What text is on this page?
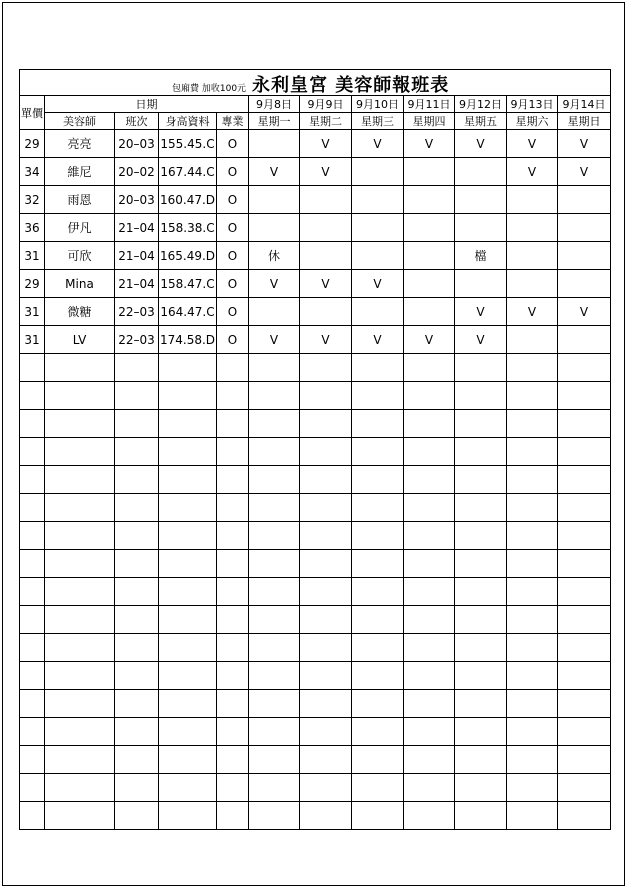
包廂費 加收100元 永利皇宮 美容師報班表											

單價	日期				9月8日	9月9日	9月10日	9月11日	9月12日	9月13日	9月14日
	美容師	班次	身高資料	專業	星期一	星期二	星期三	星期四	星期五	星期六	星期日
29	亮亮	20–03	155.45.C	O		V	V	V	V	V	V
34	維尼	20–02	167.44.C	O	V	V				V	V
32	雨恩	20–03	160.47.D	O							
36	伊凡	21–04	158.38.C	O							
31	可欣	21–04	165.49.D	O	休				檔		
29	Mina	21–04	158.47.C	O	V	V	V				
31	微糖	22–03	164.47.C	O					V	V	V
31	LV	22–03	174.58.D	O	V	V	V	V	V		
